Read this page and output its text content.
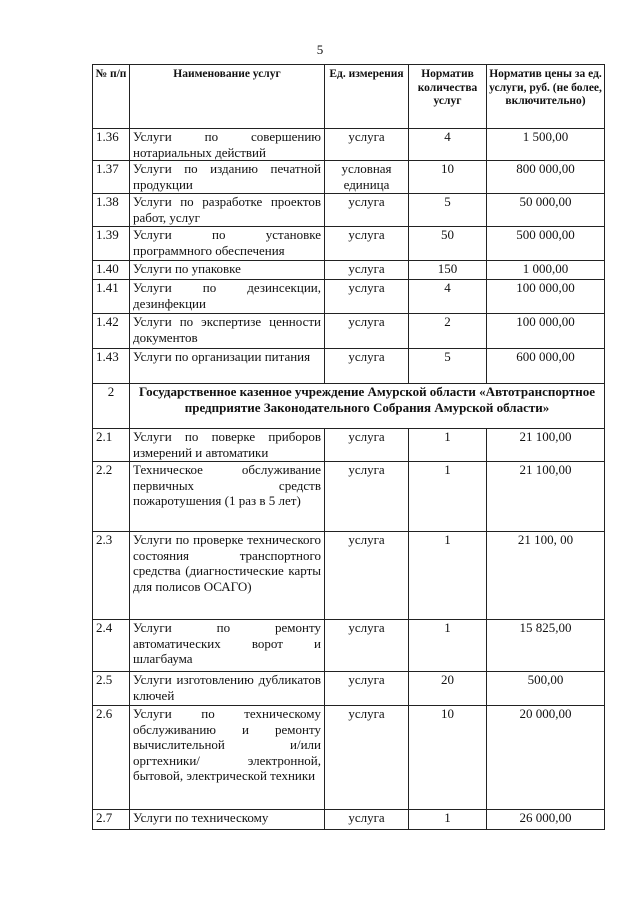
5
№ п/п	Наименование услуг	Ед. измерения	Норматив количества услуг	Норматив цены за ед. услуги, руб. (не более, включительно)
1.36	Услуги по совершению нотариальных действий	услуга	4	1 500,00
1.37	Услуги по изданию печатной продукции	условная единица	10	800 000,00
1.38	Услуги по разработке проектов работ, услуг	услуга	5	50 000,00
1.39	Услуги по установке программного обеспечения	услуга	50	500 000,00
1.40	Услуги по упаковке	услуга	150	1 000,00
1.41	Услуги по дезинсекции, дезинфекции	услуга	4	100 000,00
1.42	Услуги по экспертизе ценности документов	услуга	2	100 000,00
1.43	Услуги по организации питания	услуга	5	600 000,00
2	Государственное казенное учреждение Амурской области «Автотранспортное предприятие Законодательного Собрания Амурской области»			
2.1	Услуги по поверке приборов измерений и автоматики	услуга	1	21 100,00
2.2	Техническое обслуживание первичных средств пожаротушения (1 раз в 5 лет)	услуга	1	21 100,00
2.3	Услуги по проверке технического состояния транспортного средства (диагностические карты для полисов ОСАГО)	услуга	1	21 100, 00
2.4	Услуги по ремонту автоматических ворот и шлагбаума	услуга	1	15 825,00
2.5	Услуги изготовлению дубликатов ключей	услуга	20	500,00
2.6	Услуги по техническому обслуживанию и ремонту вычислительной и/или оргтехники/ электронной, бытовой, электрической техники	услуга	10	20 000,00
2.7	Услуги по техническому	услуга	1	26 000,00
